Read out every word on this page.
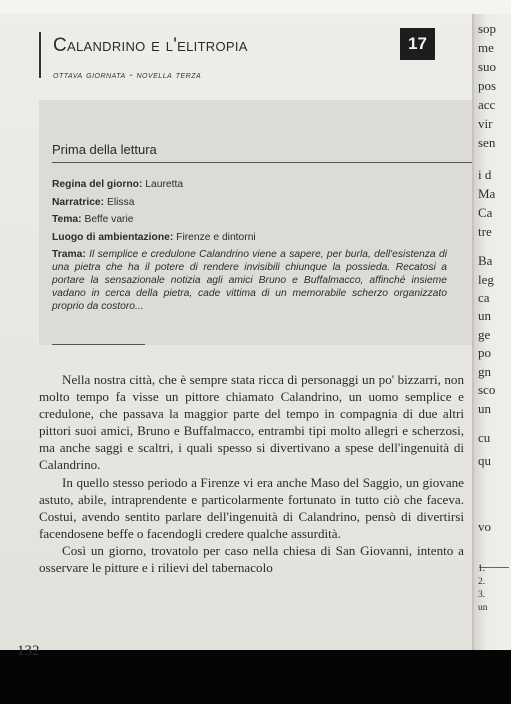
Calandrino e l'elitropia

ottava giornata - novella terza

17
Prima della lettura

Regina del giorno: Lauretta

Narratrice: Elissa

Tema: Beffe varie

Luogo di ambientazione: Firenze e dintorni

Trama: Il semplice e credulone Calandrino viene a sapere, per burla, dell'esistenza di una pietra che ha il potere di rendere invisibili chiunque la possieda. Recatosi a portare la sensazionale notizia agli amici Bruno e Buffalmacco, affinché insieme vadano in cerca della pietra, cade vittima di un memorabile scherzo organizzato proprio da costoro...

Nella nostra città, che è sempre stata ricca di personaggi un po' bizzarri, non molto tempo fa visse un pittore chiamato Calandrino, un uomo semplice e credulone, che passava la maggior parte del tempo in compagnia di due altri pittori suoi amici, Bruno e Buffalmacco, entrambi tipi molto allegri e scherzosi, ma anche saggi e scaltri, i quali spesso si divertivano a spese dell'ingenuità di Calandrino.

In quello stesso periodo a Firenze vi era anche Maso del Saggio, un giovane astuto, abile, intraprendente e particolarmente fortunato in tutto ciò che faceva. Costui, avendo sentito parlare dell'ingenuità di Calandrino, pensò di divertirsi facendosene beffe o facendogli credere qualche assurdità.

Così un giorno, trovatolo per caso nella chiesa di San Giovanni, intento a osservare le pitture e i rilievi del tabernacolo

132

sop

me

suo

pos

acc

vir

sen

i d

Ma

Ca

tre

Ba

leg

ca

un

ge

po

gn

sco

un

cu

qu

vo

1.

2.

3.

un
